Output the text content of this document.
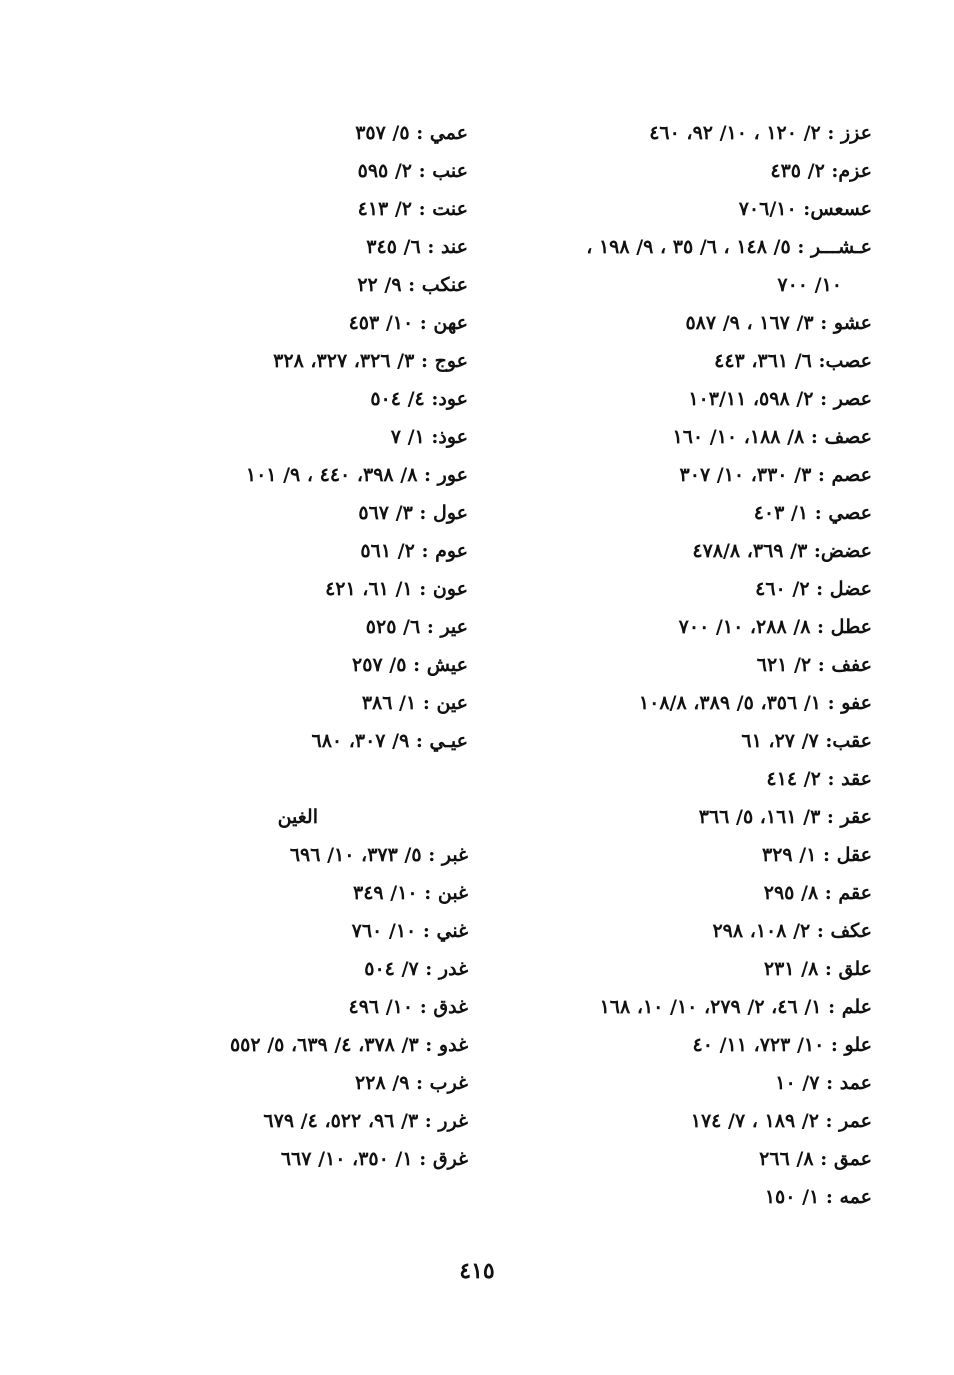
عزز : ٢/ ١٢٠ ، ١٠/ ٩٢، ٤٦٠
عزم: ٢/ ٤٣٥
عسعس: ٧٠٦/١٠
عـشـــر : ٥/ ١٤٨ ، ٦/ ٣٥ ، ٩/ ١٩٨ ،
١٠/ ٧٠٠
عشو : ٣/ ١٦٧ ، ٩/ ٥٨٧
عصب: ٦/ ٣٦١، ٤٤٣
عصر : ٢/ ٥٩٨، ١٠٣/١١
عصف : ٨/ ١٨٨، ١٠/ ١٦٠
عصم : ٣/ ٣٣٠، ١٠/ ٣٠٧
عصي : ١/ ٤٠٣
عضض: ٣/ ٣٦٩، ٤٧٨/٨
عضل : ٢/ ٤٦٠
عطل : ٨/ ٢٨٨، ١٠/ ٧٠٠
عفف : ٢/ ٦٢١
عفو : ١/ ٣٥٦، ٥/ ٣٨٩، ١٠٨/٨
عقب: ٧/ ٢٧، ٦١
عقد : ٢/ ٤١٤
عقر : ٣/ ١٦١، ٥/ ٣٦٦
عقل : ١/ ٣٢٩
عقم : ٨/ ٢٩٥
عكف : ٢/ ١٠٨، ٢٩٨
علق : ٨/ ٢٣١
علم : ١/ ٤٦، ٢/ ٢٧٩، ١٠/ ١٠، ١٦٨
علو : ١٠/ ٧٢٣، ١١/ ٤٠
عمد : ٧/ ١٠
عمر : ٢/ ١٨٩ ، ٧/ ١٧٤
عمق : ٨/ ٢٦٦
عمه : ١/ ١٥٠
عمي : ٥/ ٣٥٧
عنب : ٢/ ٥٩٥
عنت : ٢/ ٤١٣
عند : ٦/ ٣٤٥
عنكب : ٩/ ٢٢
عهن : ١٠/ ٤٥٣
عوج : ٣/ ٣٢٦، ٣٢٧، ٣٢٨
عود: ٤/ ٥٠٤
عوذ: ١/ ٧
عور : ٨/ ٣٩٨، ٤٤٠ ، ٩/ ١٠١
عول : ٣/ ٥٦٧
عوم : ٢/ ٥٦١
عون : ١/ ٦١، ٤٢١
عير : ٦/ ٥٢٥
عيش : ٥/ ٢٥٧
عين : ١/ ٣٨٦
عيـي : ٩/ ٣٠٧، ٦٨٠
الغين
غبر : ٥/ ٣٧٣، ١٠/ ٦٩٦
غبن : ١٠/ ٣٤٩
غني : ١٠/ ٧٦٠
غدر : ٧/ ٥٠٤
غدق : ١٠/ ٤٩٦
غدو : ٣/ ٣٧٨، ٤/ ٦٣٩، ٥/ ٥٥٢
غرب : ٩/ ٢٢٨
غرر : ٣/ ٩٦، ٥٢٢، ٤/ ٦٧٩
غرق : ١/ ٣٥٠، ١٠/ ٦٦٧
٤١٥
